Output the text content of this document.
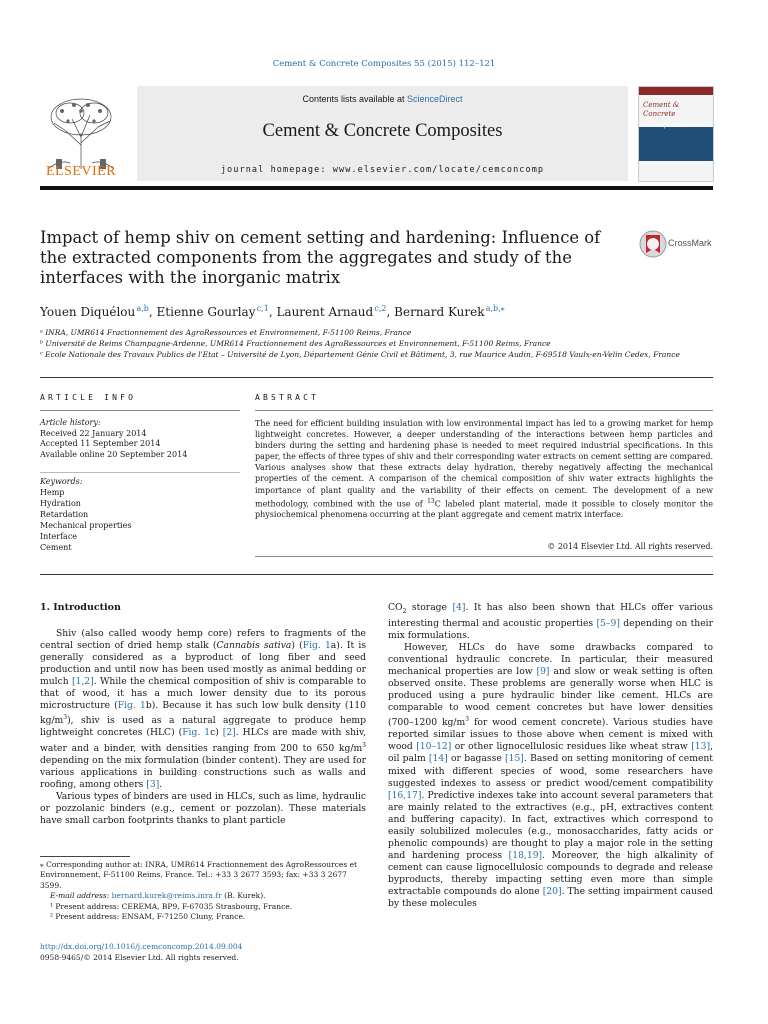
Cement & Concrete Composites 55 (2015) 112–121
ELSEVIER
Contents lists available at ScienceDirect
Cement & Concrete Composites
journal homepage: www.elsevier.com/locate/cemconcomp
Cement &
Concrete
Composites
Impact of hemp shiv on cement setting and hardening: Influence of the extracted components from the aggregates and study of the interfaces with the inorganic matrix
CrossMark
Youen Diquélou $^{a,b}$, Etienne Gourlay $^{c,1}$, Laurent Arnaud $^{c,2}$, Bernard Kurek $^{a,b,⁎}$
ᵃ INRA, UMR614 Fractionnement des AgroRessources et Environnement, F-51100 Reims, France
ᵇ Université de Reims Champagne-Ardenne, UMR614 Fractionnement des AgroRessources et Environnement, F-51100 Reims, France
ᶜ Ecole Nationale des Travaux Publics de l'Etat – Université de Lyon, Département Génie Civil et Bâtiment, 3, rue Maurice Audin, F-69518 Vaulx-en-Velin Cedex, France
ARTICLE INFO	ABSTRACT
Article history:
Received 22 January 2014
Accepted 11 September 2014
Available online 20 September 2014
Keywords:
Hemp
Hydration
Retardation
Mechanical properties
Interface
Cement
The need for efficient building insulation with low environmental impact has led to a growing market for hemp lightweight concretes. However, a deeper understanding of the interactions between hemp particles and binders during the setting and hardening phase is needed to meet required industrial specifications. In this paper, the effects of three types of shiv and their corresponding water extracts on cement setting are compared. Various analyses show that these extracts delay hydration, thereby negatively affecting the mechanical properties of the cement. A comparison of the chemical composition of shiv water extracts highlights the importance of plant quality and the variability of their effects on cement. The development of a new methodology, combined with the use of $^{13}$C labeled plant material, made it possible to closely monitor the physiochemical phenomena occurring at the plant aggregate and cement matrix interface.
© 2014 Elsevier Ltd. All rights reserved.
1. Introduction

Shiv (also called woody hemp core) refers to fragments of the central section of dried hemp stalk (Cannabis sativa) (Fig. 1a). It is generally considered as a byproduct of long fiber and seed production and until now has been used mostly as animal bedding or mulch [1,2]. While the chemical composition of shiv is comparable to that of wood, it has a much lower density due to its porous microstructure (Fig. 1b). Because it has such low bulk density (110 $kg/m^3$), shiv is used as a natural aggregate to produce hemp lightweight concretes (HLC) (Fig. 1c) [2]. HLCs are made with shiv, water and a binder, with densities ranging from 200 to 650 $kg/m^3$ depending on the mix formulation (binder content). They are used for various applications in building constructions such as walls and roofing, among others [3].

Various types of binders are used in HLCs, such as lime, hydraulic or pozzolanic binders (e.g., cement or pozzolan). These materials have small carbon footprints thanks to plant particle

⁎ Corresponding author at: INRA, UMR614 Fractionnement des AgroRessources et Environnement, F-51100 Reims, France. Tel.: +33 3 2677 3593; fax: +33 3 2677 3599.
E-mail address: bernard.kurek@reims.inra.fr (B. Kurek).
¹ Present address: CEREMA, BP9, F-67035 Strasbourg, France.
² Present address: ENSAM, F-71250 Cluny, France.
http://dx.doi.org/10.1016/j.cemconcomp.2014.09.004
0958-9465/© 2014 Elsevier Ltd. All rights reserved.

$CO_2$ storage [4]. It has also been shown that HLCs offer various interesting thermal and acoustic properties [5–9] depending on their mix formulations.

However, HLCs do have some drawbacks compared to conventional hydraulic concrete. In particular, their measured mechanical properties are low [9] and slow or weak setting is often observed onsite. These problems are generally worse when HLC is produced using a pure hydraulic binder like cement. HLCs are comparable to wood cement concretes but have lower densities (700–1200 $kg/m^3$ for wood cement concrete). Various studies have reported similar issues to those above when cement is mixed with wood [10–12] or other lignocellulosic residues like wheat straw [13], oil palm [14] or bagasse [15]. Based on setting monitoring of cement mixed with different species of wood, some researchers have suggested indexes to assess or predict wood/cement compatibility [16,17]. Predictive indexes take into account several parameters that are mainly related to the extractives (e.g., pH, extractives content and buffering capacity). In fact, extractives which correspond to easily solubilized molecules (e.g., monosaccharides, fatty acids or phenolic compounds) are thought to play a major role in the setting and hardening process [18,19]. Moreover, the high alkalinity of cement can cause lignocellulosic compounds to degrade and release byproducts, thereby impacting setting even more than simple extractable compounds do alone [20]. The setting impairment caused by these molecules
